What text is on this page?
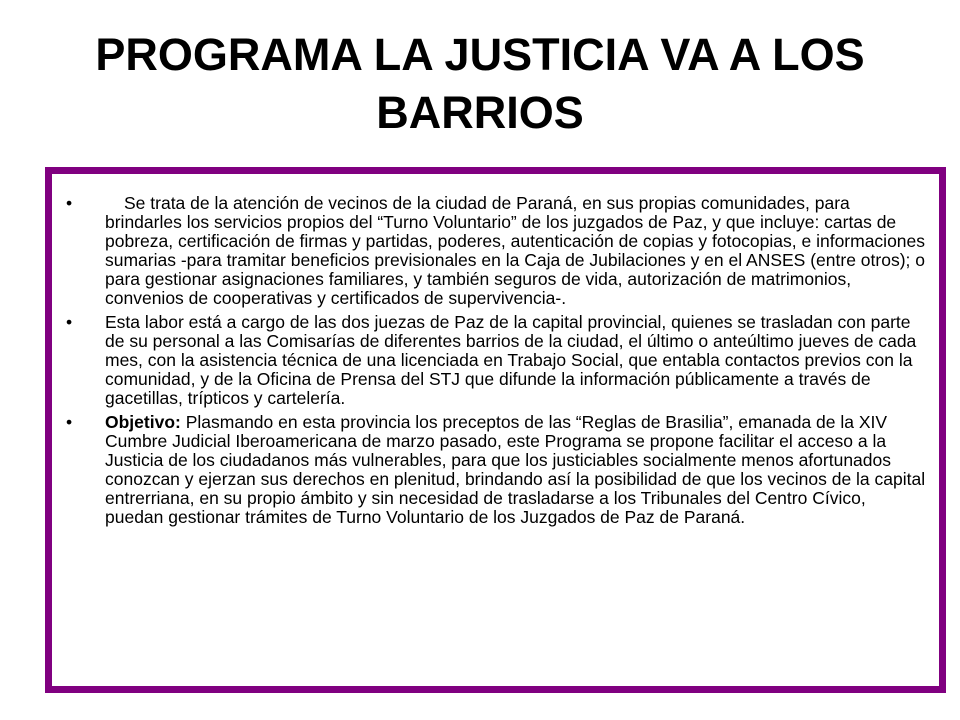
PROGRAMA LA JUSTICIA VA A LOS BARRIOS
•	Se trata de la atención de vecinos de la ciudad de Paraná, en sus propias comunidades, para brindarles los servicios propios del “Turno Voluntario” de los juzgados de Paz, y que incluye: cartas de pobreza, certificación de firmas y partidas, poderes, autenticación de copias y fotocopias, e informaciones sumarias -para tramitar beneficios previsionales en la Caja de Jubilaciones y en el ANSES (entre otros); o para gestionar asignaciones familiares, y también seguros de vida, autorización de matrimonios, convenios de cooperativas y certificados de supervivencia-.
• Esta labor está a cargo de las dos juezas de Paz de la capital provincial, quienes se trasladan con parte de su personal a las Comisarías de diferentes barrios de la ciudad, el último o anteúltimo jueves de cada mes, con la asistencia técnica de una licenciada en Trabajo Social, que entabla contactos previos con la comunidad, y de la Oficina de Prensa del STJ que difunde la información públicamente a través de gacetillas, trípticos y cartelería.
• Objetivo: Plasmando en esta provincia los preceptos de las “Reglas de Brasilia”, emanada de la XIV Cumbre Judicial Iberoamericana de marzo pasado, este Programa se propone facilitar el acceso a la Justicia de los ciudadanos más vulnerables, para que los justiciables socialmente menos afortunados conozcan y ejerzan sus derechos en plenitud, brindando así la posibilidad de que los vecinos de la capital entrerriana, en su propio ámbito y sin necesidad de trasladarse a los Tribunales del Centro Cívico, puedan gestionar trámites de Turno Voluntario de los Juzgados de Paz de Paraná.
